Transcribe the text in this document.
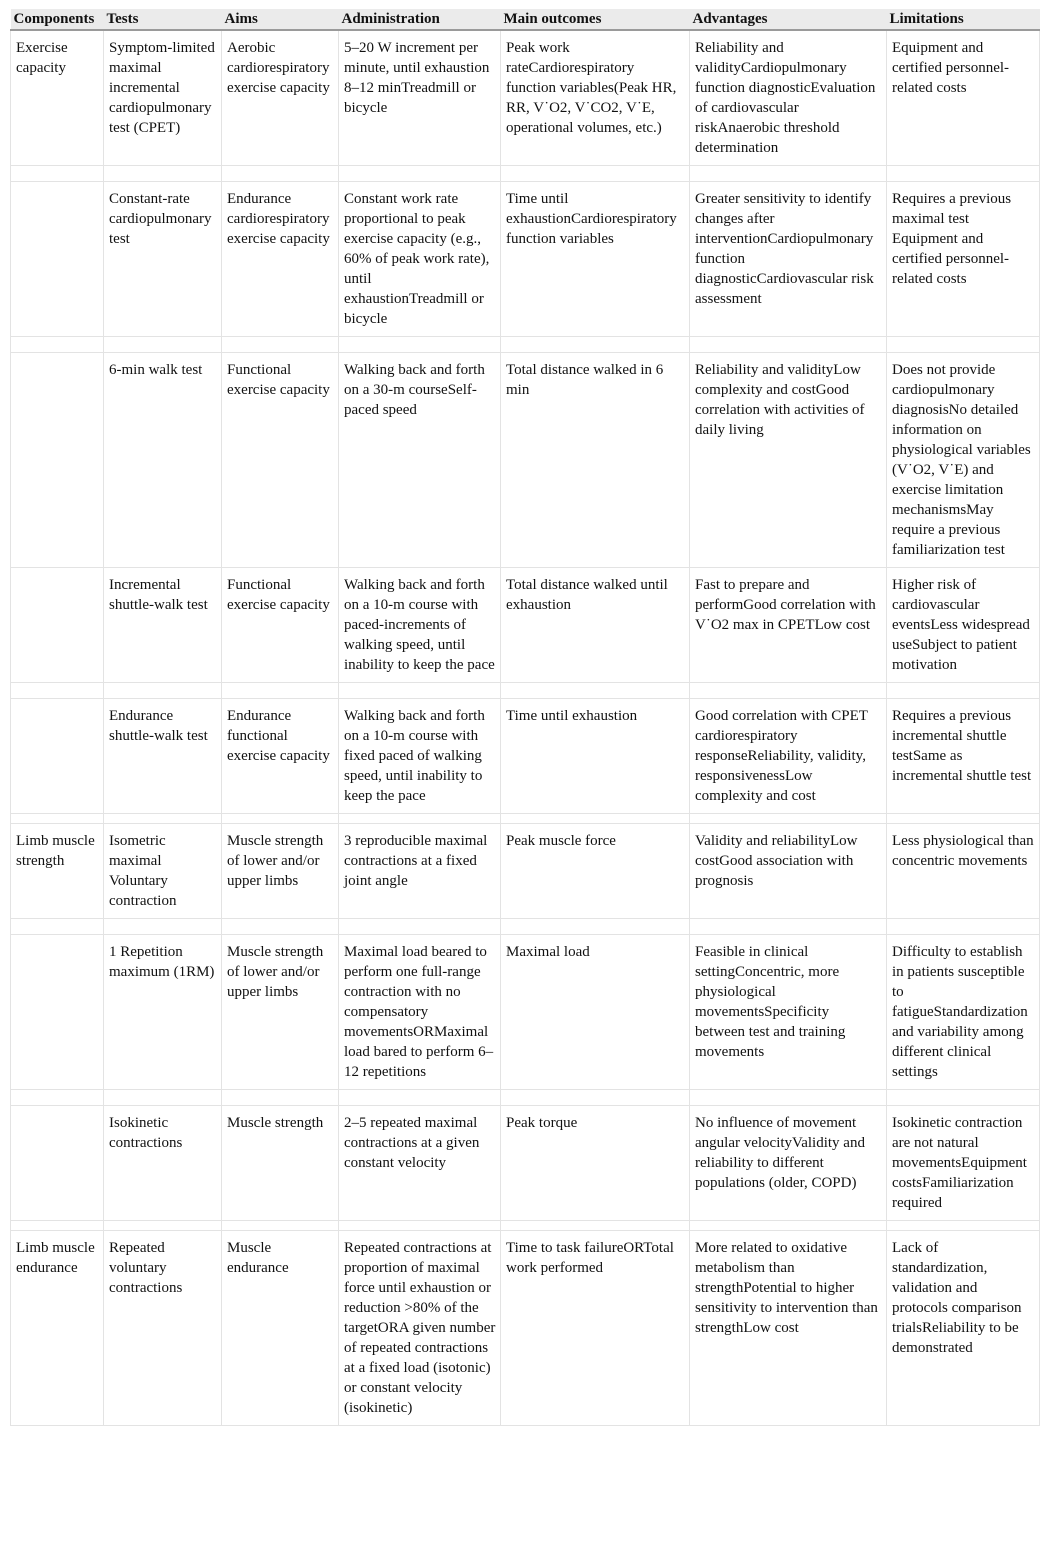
Components	Tests	Aims	Administration	Main outcomes	Advantages	Limitations
Exercise capacity	Symptom-limited maximal incremental cardiopulmonary test (CPET)	Aerobic cardiorespiratory exercise capacity	5–20 W increment per minute, until exhaustion 8–12 minTreadmill or bicycle	Peak work rateCardiorespiratory function variables(Peak HR, RR, V˙O2, V˙CO2, V˙E, operational volumes, etc.)	Reliability and validityCardiopulmonary function diagnosticEvaluation of cardiovascular riskAnaerobic threshold determination	Equipment and certified personnel-related costs

	Constant-rate cardiopulmonary test	Endurance cardiorespiratory exercise capacity	Constant work rate proportional to peak exercise capacity (e.g., 60% of peak work rate), until exhaustionTreadmill or bicycle	Time until exhaustionCardiorespiratory function variables	Greater sensitivity to identify changes after interventionCardiopulmonary function diagnosticCardiovascular risk assessment	Requires a previous maximal test Equipment and certified personnel-related costs

	6-min walk test	Functional exercise capacity	Walking back and forth on a 30-m courseSelf-paced speed	Total distance walked in 6 min	Reliability and validityLow complexity and costGood correlation with activities of daily living	Does not provide cardiopulmonary diagnosisNo detailed information on physiological variables (V˙O2, V˙E) and exercise limitation mechanismsMay require a previous familiarization test
	Incremental shuttle-walk test	Functional exercise capacity	Walking back and forth on a 10-m course with paced-increments of walking speed, until inability to keep the pace	Total distance walked until exhaustion	Fast to prepare and performGood correlation with V˙O2 max in CPETLow cost	Higher risk of cardiovascular eventsLess widespread useSubject to patient motivation

	Endurance shuttle-walk test	Endurance functional exercise capacity	Walking back and forth on a 10-m course with fixed paced of walking speed, until inability to keep the pace	Time until exhaustion	Good correlation with CPET cardiorespiratory responseReliability, validity, responsivenessLow complexity and cost	Requires a previous incremental shuttle testSame as incremental shuttle test

Limb muscle strength	Isometric maximal Voluntary contraction	Muscle strength of lower and/or upper limbs	3 reproducible maximal contractions at a fixed joint angle	Peak muscle force	Validity and reliabilityLow costGood association with prognosis	Less physiological than concentric movements

	1 Repetition maximum (1RM)	Muscle strength of lower and/or upper limbs	Maximal load beared to perform one full-range contraction with no compensatory movementsORMaximal load bared to perform 6–12 repetitions	Maximal load	Feasible in clinical settingConcentric, more physiological movementsSpecificity between test and training movements	Difficulty to establish in patients susceptible to fatigueStandardization and variability among different clinical settings

	Isokinetic contractions	Muscle strength	2–5 repeated maximal contractions at a given constant velocity	Peak torque	No influence of movement angular velocityValidity and reliability to different populations (older, COPD)	Isokinetic contraction are not natural movementsEquipment costsFamiliarization required

Limb muscle endurance	Repeated voluntary contractions	Muscle endurance	Repeated contractions at proportion of maximal force until exhaustion or reduction >80% of the targetORA given number of repeated contractions at a fixed load (isotonic) or constant velocity (isokinetic)	Time to task failureORTotal work performed	More related to oxidative metabolism than strengthPotential to higher sensitivity to intervention than strengthLow cost	Lack of standardization, validation and protocols comparison trialsReliability to be demonstrated
